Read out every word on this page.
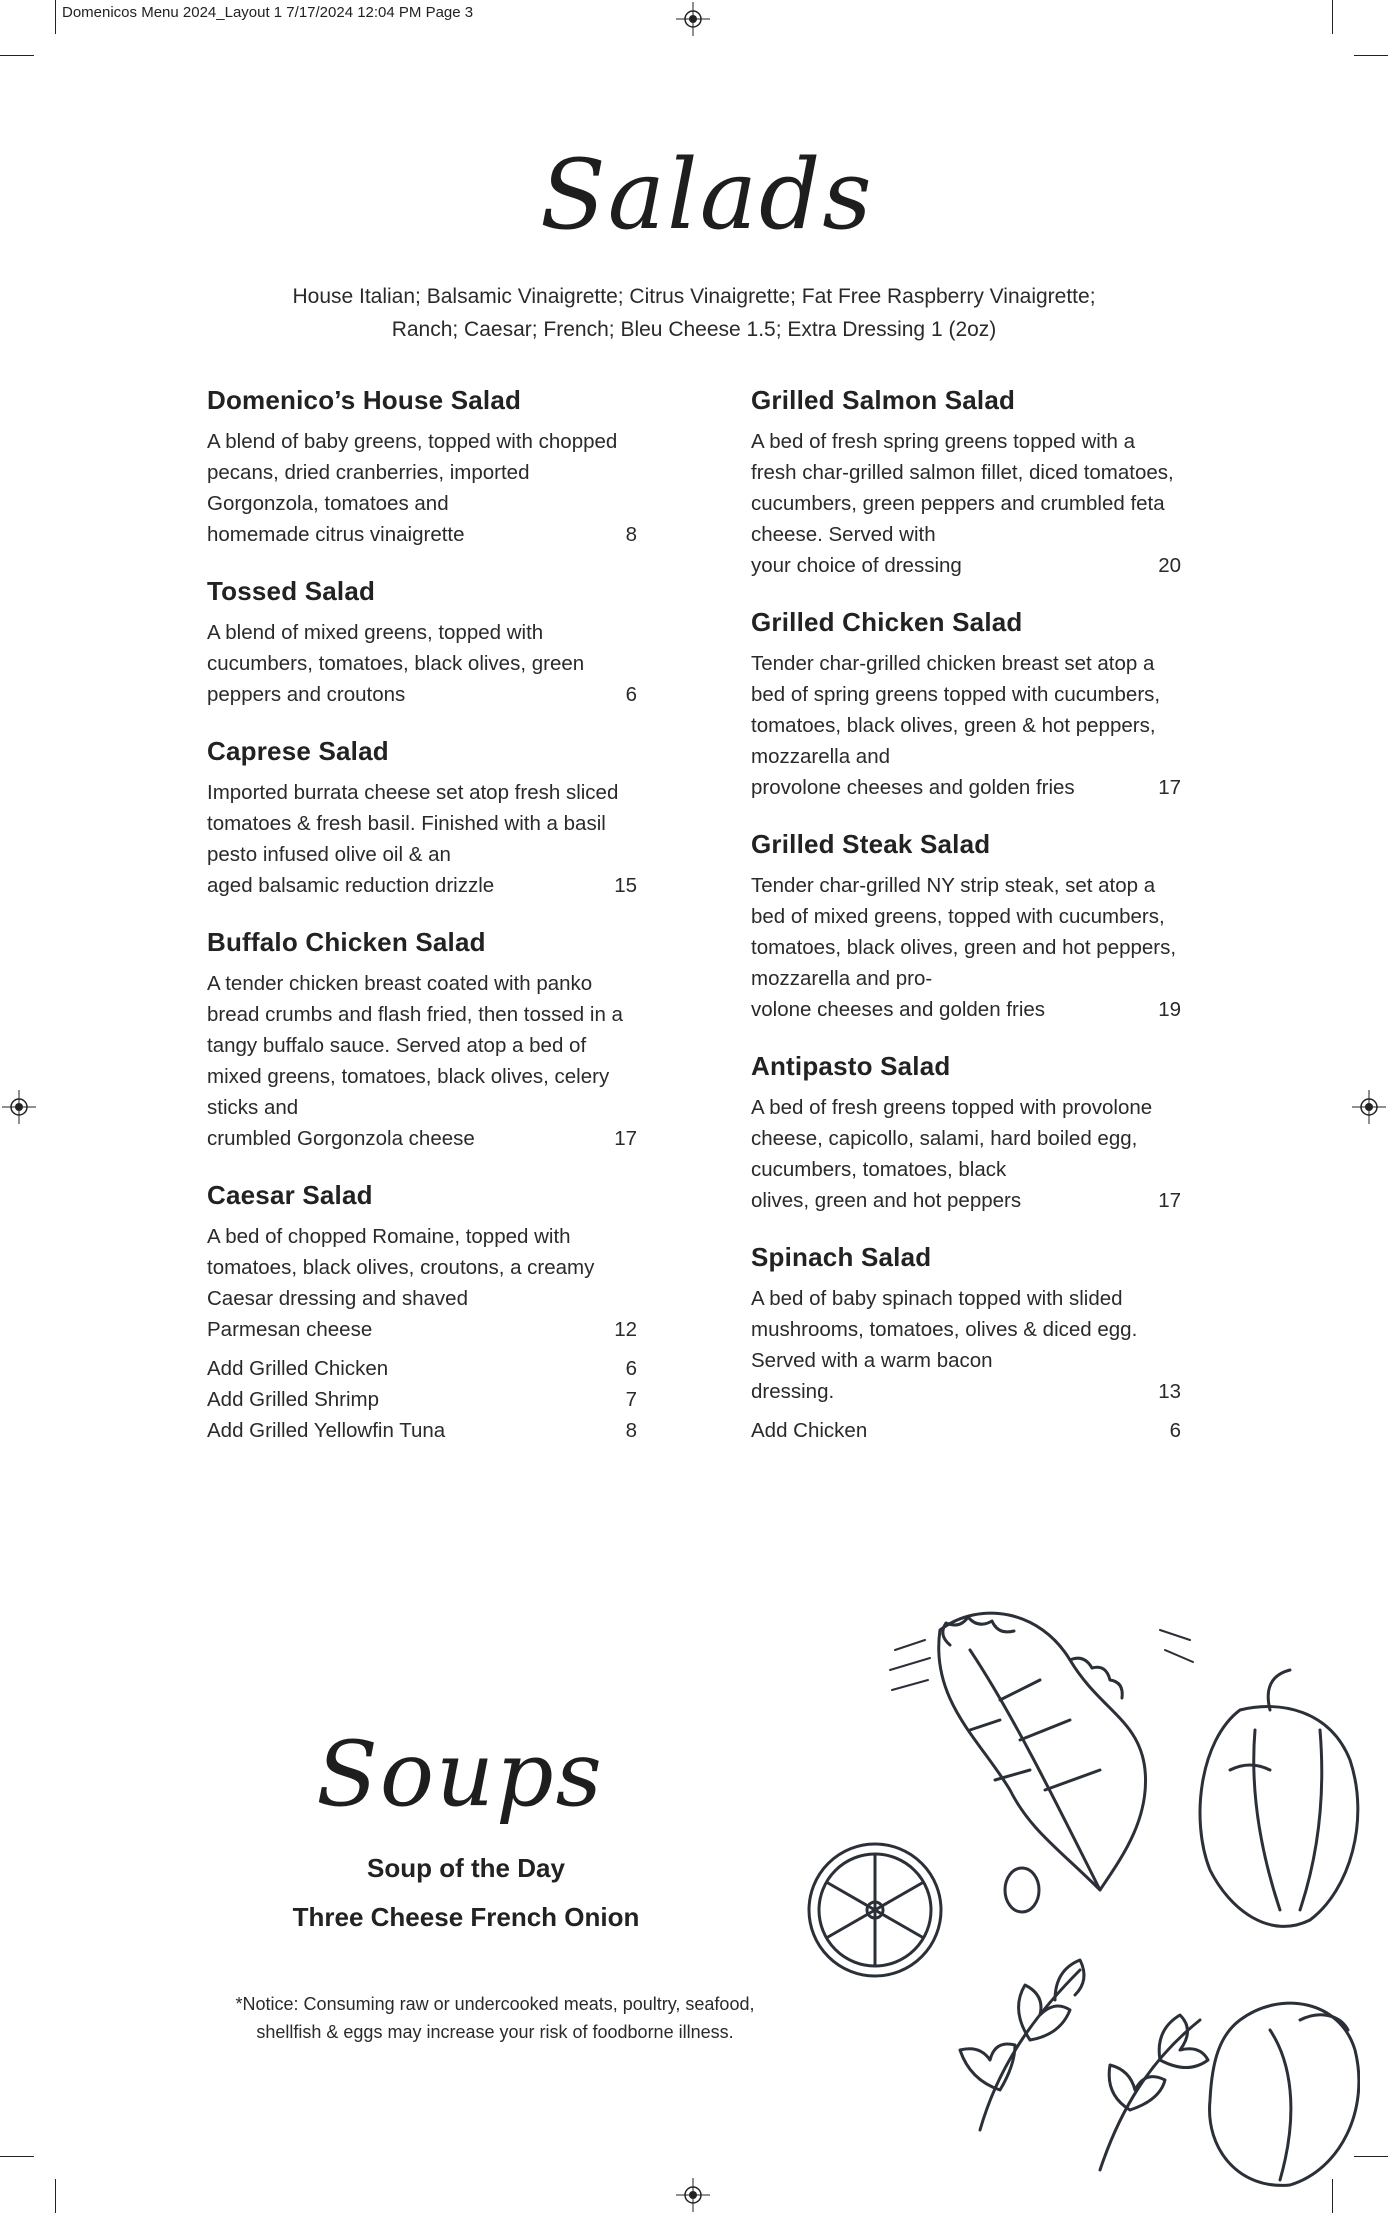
Domenicos Menu 2024_Layout 1 7/17/2024 12:04 PM Page 3
Salads
House Italian; Balsamic Vinaigrette; Citrus Vinaigrette; Fat Free Raspberry Vinaigrette;
Ranch; Caesar; French; Bleu Cheese 1.5; Extra Dressing 1 (2oz)
Domenico’s House Salad
A blend of baby greens, topped with chopped pecans, dried cranberries, imported Gorgonzola, tomatoes and
homemade citrus vinaigrette	8
Tossed Salad
A blend of mixed greens, topped with cucumbers, tomatoes, black olives, green
peppers and croutons	6
Caprese Salad
Imported burrata cheese set atop fresh sliced tomatoes & fresh basil. Finished with a basil pesto infused olive oil & an
aged balsamic reduction drizzle	15
Buffalo Chicken Salad
A tender chicken breast coated with panko bread crumbs and flash fried, then tossed in a tangy buffalo sauce. Served atop a bed of mixed greens, tomatoes, black olives, celery sticks and
crumbled Gorgonzola cheese	17
Caesar Salad
A bed of chopped Romaine, topped with tomatoes, black olives, croutons, a creamy Caesar dressing and shaved
Parmesan cheese	12
Add Grilled Chicken	6
Add Grilled Shrimp	7
Add Grilled Yellowfin Tuna	8
Grilled Salmon Salad
A bed of fresh spring greens topped with a fresh char-grilled salmon fillet, diced tomatoes, cucumbers, green peppers and crumbled feta cheese. Served with
your choice of dressing	20
Grilled Chicken Salad
Tender char-grilled chicken breast set atop a bed of spring greens topped with cucumbers, tomatoes, black olives, green & hot peppers, mozzarella and
provolone cheeses and golden fries	17
Grilled Steak Salad
Tender char-grilled NY strip steak, set atop a bed of mixed greens, topped with cucumbers, tomatoes, black olives, green and hot peppers, mozzarella and pro-
volone cheeses and golden fries	19
Antipasto Salad
A bed of fresh greens topped with provolone cheese, capicollo, salami, hard boiled egg, cucumbers, tomatoes, black
olives, green and hot peppers	17
Spinach Salad
A bed of baby spinach topped with slided mushrooms, tomatoes, olives & diced egg. Served with a warm bacon
dressing.	13
Add Chicken	6
Soups
Soup of the Day
Three Cheese French Onion
*Notice: Consuming raw or undercooked meats, poultry, seafood,
shellfish & eggs may increase your risk of foodborne illness.
